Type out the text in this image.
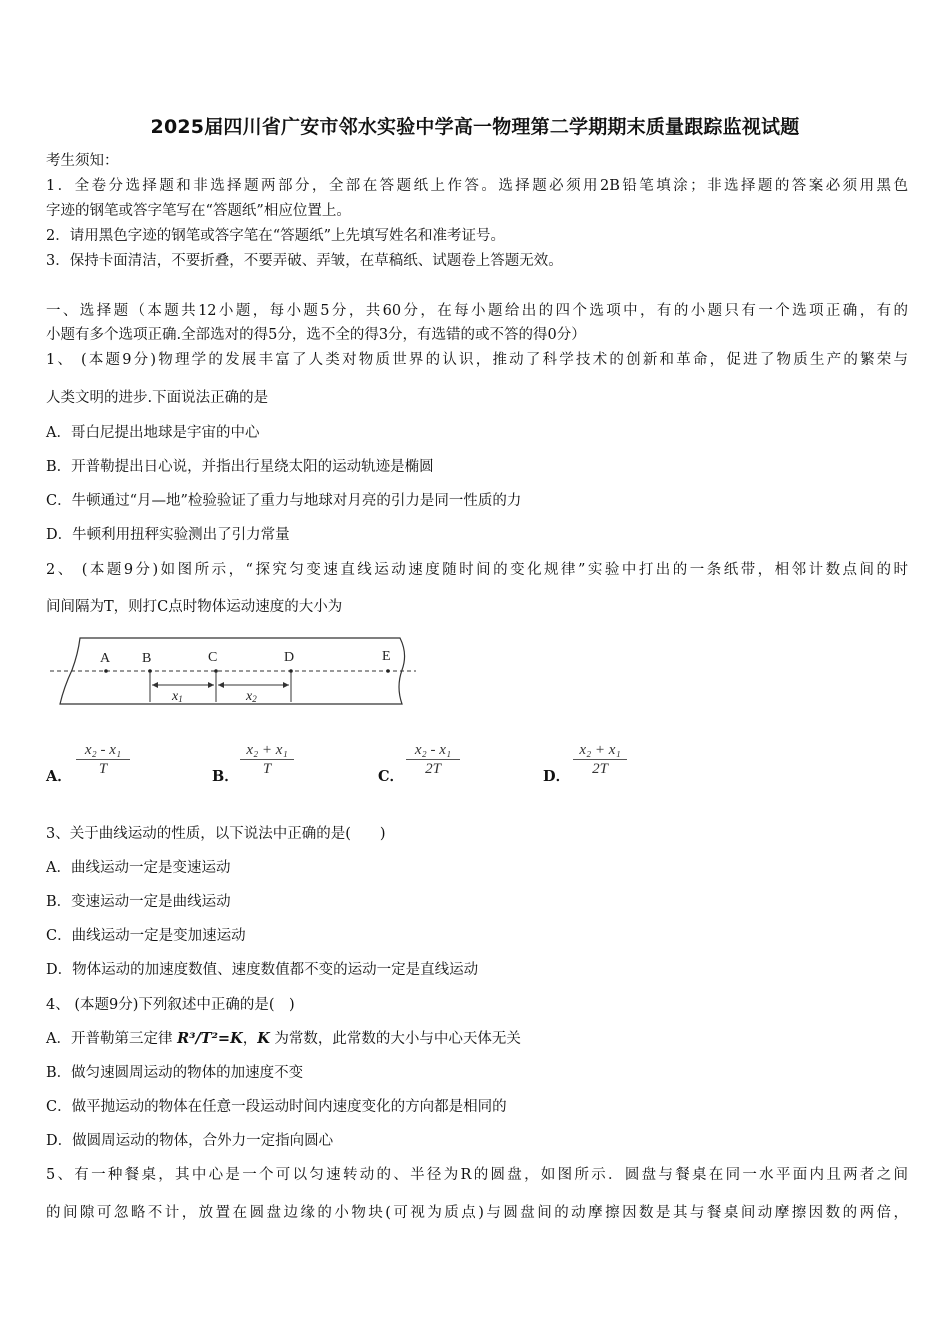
2025届四川省广安市邻水实验中学高一物理第二学期期末质量跟踪监视试题
考生须知：
1．全卷分选择题和非选择题两部分，全部在答题纸上作答。选择题必须用2B铅笔填涂；非选择题的答案必须用黑色
字迹的钢笔或答字笔写在“答题纸”相应位置上。
2．请用黑色字迹的钢笔或答字笔在“答题纸”上先填写姓名和准考证号。
3．保持卡面清洁，不要折叠，不要弄破、弄皱，在草稿纸、试题卷上答题无效。
一、选择题（本题共12小题，每小题5分，共60分，在每小题给出的四个选项中，有的小题只有一个选项正确，有的
小题有多个选项正确.全部选对的得5分，选不全的得3分，有选错的或不答的得0分）
1、 (本题9分)物理学的发展丰富了人类对物质世界的认识，推动了科学技术的创新和革命，促进了物质生产的繁荣与
人类文明的进步.下面说法正确的是
A．哥白尼提出地球是宇宙的中心
B．开普勒提出日心说，并指出行星绕太阳的运动轨迹是椭圆
C．牛顿通过“月—地”检验验证了重力与地球对月亮的引力是同一性质的力
D．牛顿利用扭秤实验测出了引力常量
2、 (本题9分)如图所示，“探究匀变速直线运动速度随时间的变化规律”实验中打出的一条纸带，相邻计数点间的时
间间隔为T，则打C点时物体运动速度的大小为
A B	C	D	E
x1	x2
A． $\frac{\text{x₂ - x₁}}{T}$	B． $\frac{\text{x₂ + x₁}}{T}$	C． $\frac{\text{x₂ - x₁}}{2T}$	D． $\frac{\text{x₂ + x₁}}{2T}$
3、关于曲线运动的性质，以下说法中正确的是(　　)
A．曲线运动一定是变速运动
B．变速运动一定是曲线运动
C．曲线运动一定是变加速运动
D．物体运动的加速度数值、速度数值都不变的运动一定是直线运动
4、 (本题9分)下列叙述中正确的是(　)
A．开普勒第三定律 R³/T²=K，K 为常数，此常数的大小与中心天体无关
B．做匀速圆周运动的物体的加速度不变
C．做平抛运动的物体在任意一段运动时间内速度变化的方向都是相同的
D．做圆周运动的物体，合外力一定指向圆心
5、有一种餐桌，其中心是一个可以匀速转动的、半径为R的圆盘，如图所示．圆盘与餐桌在同一水平面内且两者之间
的间隙可忽略不计，放置在圆盘边缘的小物块(可视为质点)与圆盘间的动摩擦因数是其与餐桌间动摩擦因数的两倍，
